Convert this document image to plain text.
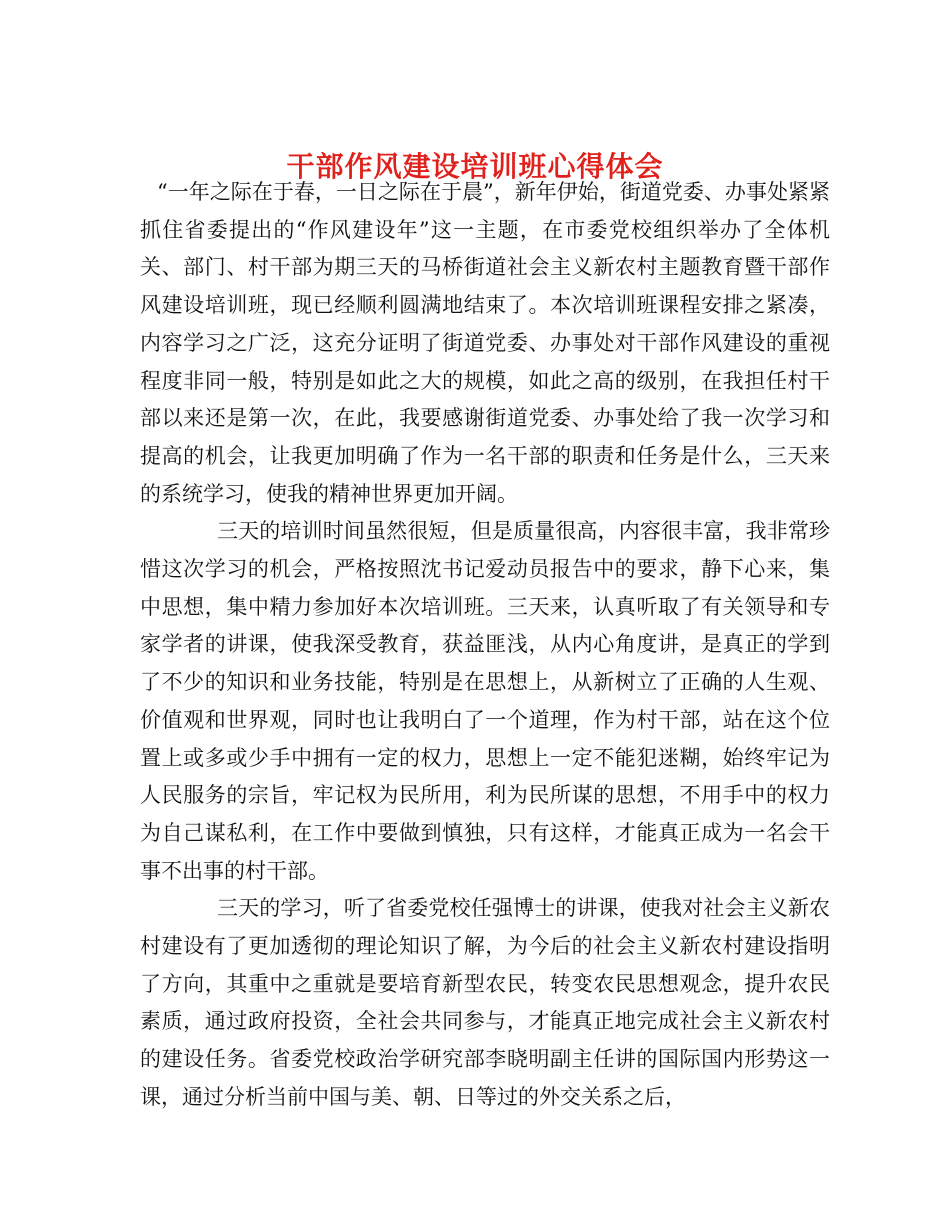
干部作风建设培训班心得体会

“一年之际在于春，一日之际在于晨”，新年伊始，街道党委、办事处紧紧抓住省委提出的“作风建设年”这一主题，在市委党校组织举办了全体机关、部门、村干部为期三天的马桥街道社会主义新农村主题教育暨干部作风建设培训班，现已经顺利圆满地结束了。本次培训班课程安排之紧凑，内容学习之广泛，这充分证明了街道党委、办事处对干部作风建设的重视程度非同一般，特别是如此之大的规模，如此之高的级别，在我担任村干部以来还是第一次，在此，我要感谢街道党委、办事处给了我一次学习和提高的机会，让我更加明确了作为一名干部的职责和任务是什么，三天来的系统学习，使我的精神世界更加开阔。

三天的培训时间虽然很短，但是质量很高，内容很丰富，我非常珍惜这次学习的机会，严格按照沈书记爱动员报告中的要求，静下心来，集中思想，集中精力参加好本次培训班。三天来，认真听取了有关领导和专家学者的讲课，使我深受教育，获益匪浅，从内心角度讲，是真正的学到了不少的知识和业务技能，特别是在思想上，从新树立了正确的人生观、价值观和世界观，同时也让我明白了一个道理，作为村干部，站在这个位置上或多或少手中拥有一定的权力，思想上一定不能犯迷糊，始终牢记为人民服务的宗旨，牢记权为民所用，利为民所谋的思想，不用手中的权力为自己谋私利，在工作中要做到慎独，只有这样，才能真正成为一名会干事不出事的村干部。

三天的学习，听了省委党校任强博士的讲课，使我对社会主义新农村建设有了更加透彻的理论知识了解，为今后的社会主义新农村建设指明了方向，其重中之重就是要培育新型农民，转变农民思想观念，提升农民素质，通过政府投资，全社会共同参与，才能真正地完成社会主义新农村的建设任务。省委党校政治学研究部李晓明副主任讲的国际国内形势这一课，通过分析当前中国与美、朝、日等过的外交关系之后，
